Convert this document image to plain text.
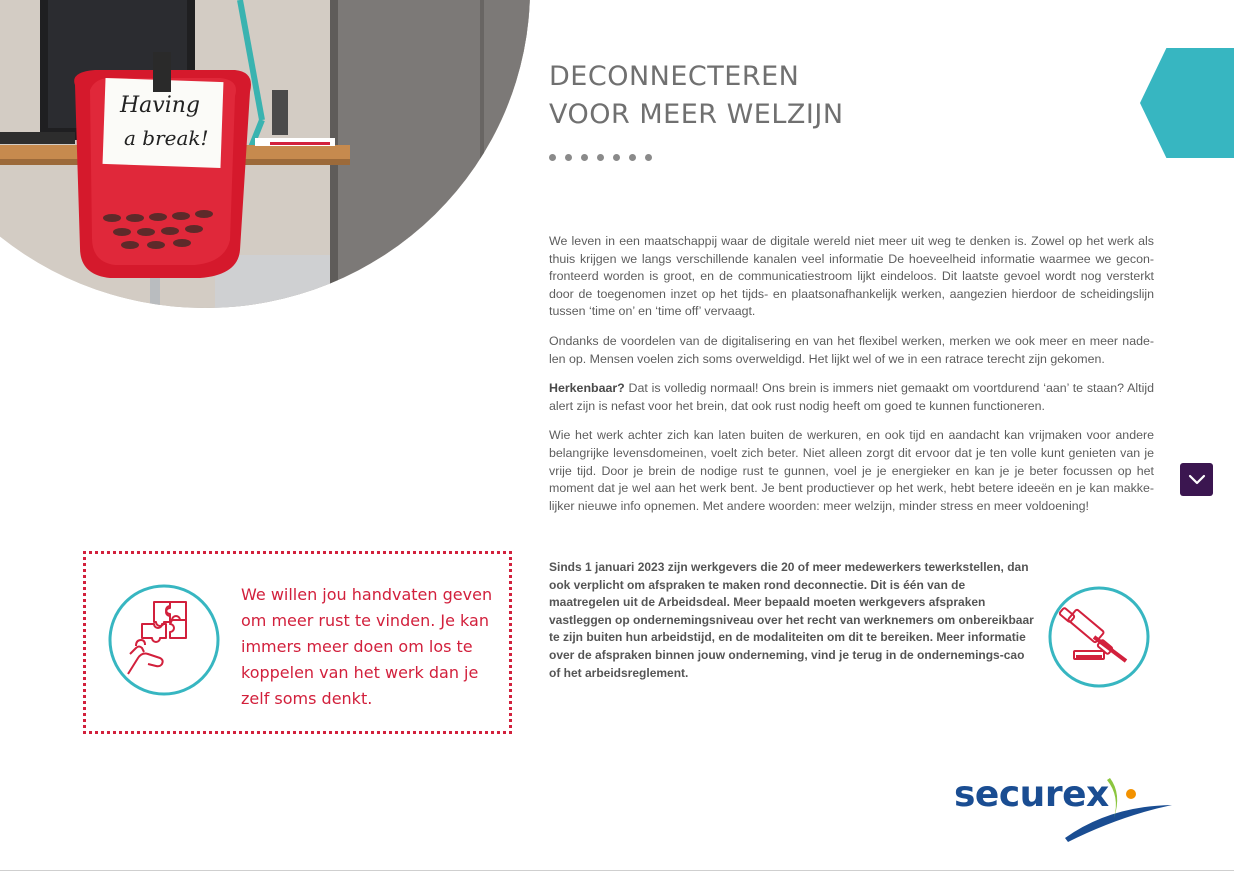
Having
a break!
DECONNECTEREN
VOOR MEER WELZIJN

We leven in een maatschappij waar de digitale wereld niet meer uit weg te denken is. Zowel op het werk als thuis krijgen we langs verschillende kanalen veel informatie De hoeveelheid informatie waarmee we gecon-fronteerd worden is groot, en de communicatiestroom lijkt eindeloos. Dit laatste gevoel wordt nog versterkt door de toegenomen inzet op het tijds- en plaatsonafhankelijk werken, aangezien hierdoor de scheidingslijn tussen ‘time on’ en ‘time off’ vervaagt.

Ondanks de voordelen van de digitalisering en van het flexibel werken, merken we ook meer en meer nade-len op. Mensen voelen zich soms overweldigd. Het lijkt wel of we in een ratrace terecht zijn gekomen.

Herkenbaar? Dat is volledig normaal! Ons brein is immers niet gemaakt om voortdurend ‘aan’ te staan? Altijd alert zijn is nefast voor het brein, dat ook rust nodig heeft om goed te kunnen functioneren.

Wie het werk achter zich kan laten buiten de werkuren, en ook tijd en aandacht kan vrijmaken voor andere belangrijke levensdomeinen, voelt zich beter. Niet alleen zorgt dit ervoor dat je ten volle kunt genieten van je vrije tijd. Door je brein de nodige rust te gunnen, voel je je energieker en kan je je beter focussen op het moment dat je wel aan het werk bent. Je bent productiever op het werk, hebt betere ideeën en je kan makke-lijker nieuwe info opnemen. Met andere woorden: meer welzijn, minder stress en meer voldoening!

We willen jou handvaten geven om meer rust te vinden. Je kan immers meer doen om los te koppelen van het werk dan je zelf soms denkt.
Sinds 1 januari 2023 zijn werkgevers die 20 of meer medewerkers tewerkstellen, dan ook verplicht om afspraken te maken rond deconnectie. Dit is één van de maatregelen uit de Arbeidsdeal. Meer bepaald moeten werkgevers afspraken vastleggen op ondernemingsniveau over het recht van werknemers om onbereikbaar te zijn buiten hun arbeidstijd, en de modaliteiten om dit te bereiken. Meer informatie over de afspraken binnen jouw onderneming, vind je terug in de ondernemings-cao of het arbeidsreglement.
securex
